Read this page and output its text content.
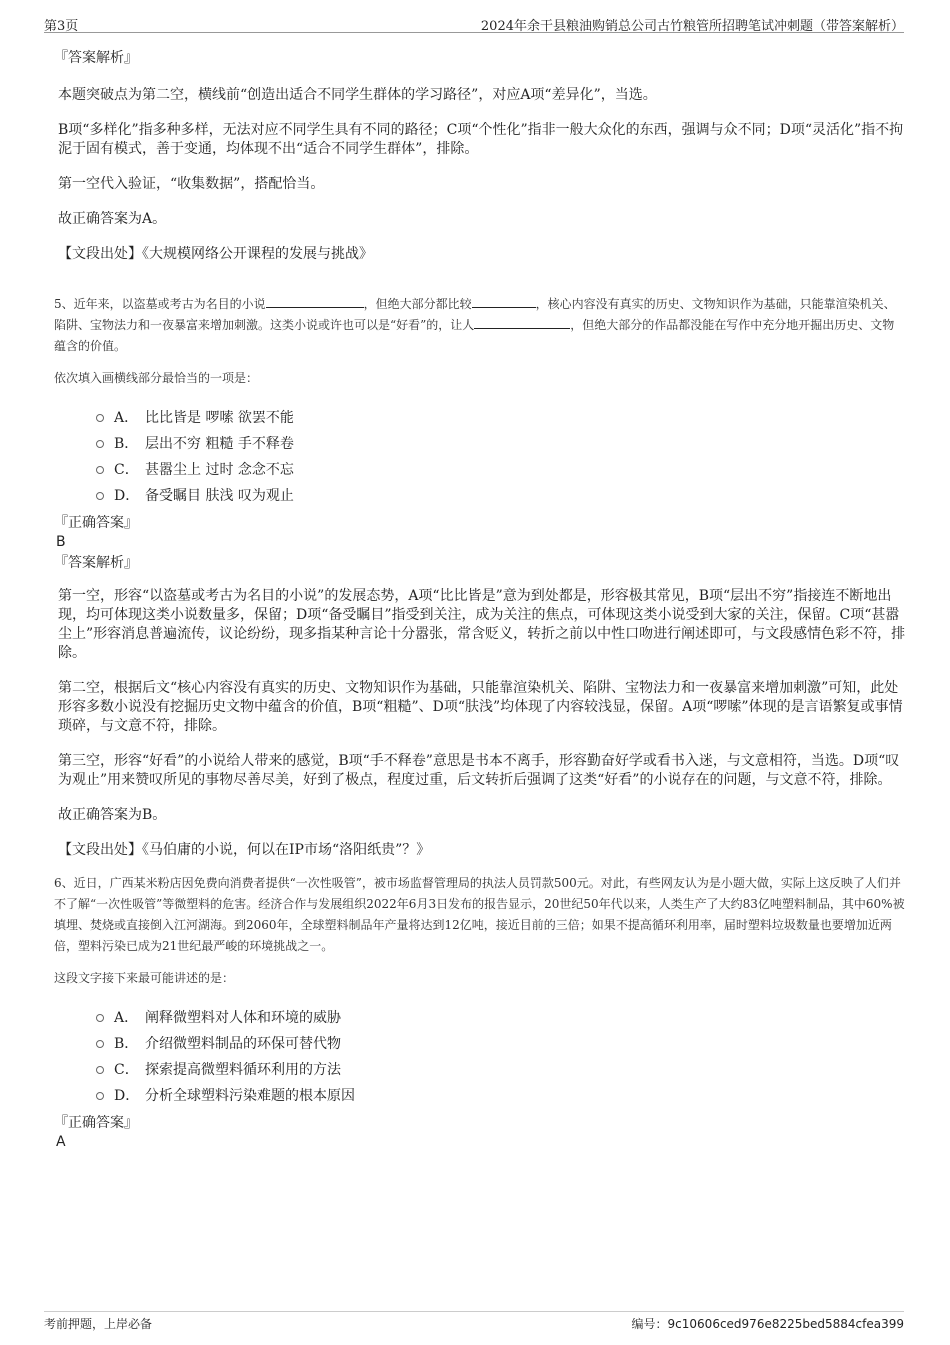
第3页	2024年余干县粮油购销总公司古竹粮管所招聘笔试冲刺题（带答案解析）

『答案解析』

本题突破点为第二空，横线前“创造出适合不同学生群体的学习路径”，对应A项“差异化”，当选。

B项“多样化”指多种多样，无法对应不同学生具有不同的路径；C项“个性化”指非一般大众化的东西，强调与众不同；D项“灵活化”指不拘泥于固有模式，善于变通，均体现不出“适合不同学生群体”，排除。

第一空代入验证，“收集数据”，搭配恰当。

故正确答案为A。

【文段出处】《大规模网络公开课程的发展与挑战》

5、近年来，以盗墓或考古为名目的小说	，但绝大部分都比较	，核心内容没有真实的历史、文物知识作为基础，只能靠渲染机关、陷阱、宝物法力和一夜暴富来增加刺激。这类小说或许也可以是“好看”的，让人	，但绝大部分的作品都没能在写作中充分地开掘出历史、文物蕴含的价值。

依次填入画横线部分最恰当的一项是：

A． 比比皆是 啰嗦 欲罢不能
B． 层出不穷 粗糙 手不释卷
C． 甚嚣尘上 过时 念念不忘
D． 备受瞩目 肤浅 叹为观止

『正确答案』

B

『答案解析』

第一空，形容“以盗墓或考古为名目的小说”的发展态势，A项“比比皆是”意为到处都是，形容极其常见，B项“层出不穷”指接连不断地出现，均可体现这类小说数量多，保留；D项“备受瞩目”指受到关注，成为关注的焦点，可体现这类小说受到大家的关注，保留。C项“甚嚣尘上”形容消息普遍流传，议论纷纷，现多指某种言论十分嚣张，常含贬义，转折之前以中性口吻进行阐述即可，与文段感情色彩不符，排除。

第二空，根据后文“核心内容没有真实的历史、文物知识作为基础，只能靠渲染机关、陷阱、宝物法力和一夜暴富来增加刺激”可知，此处形容多数小说没有挖掘历史文物中蕴含的价值，B项“粗糙”、D项“肤浅”均体现了内容较浅显，保留。A项“啰嗦”体现的是言语繁复或事情琐碎，与文意不符，排除。

第三空，形容“好看”的小说给人带来的感觉，B项“手不释卷”意思是书本不离手，形容勤奋好学或看书入迷，与文意相符，当选。D项“叹为观止”用来赞叹所见的事物尽善尽美，好到了极点，程度过重，后文转折后强调了这类“好看”的小说存在的问题，与文意不符，排除。

故正确答案为B。

【文段出处】《马伯庸的小说，何以在IP市场“洛阳纸贵”？》

6、近日，广西某米粉店因免费向消费者提供“一次性吸管”，被市场监督管理局的执法人员罚款500元。对此，有些网友认为是小题大做，实际上这反映了人们并不了解“一次性吸管”等微塑料的危害。经济合作与发展组织2022年6月3日发布的报告显示，20世纪50年代以来，人类生产了大约83亿吨塑料制品，其中60%被填埋、焚烧或直接倒入江河湖海。到2060年，全球塑料制品年产量将达到12亿吨，接近目前的三倍；如果不提高循环利用率，届时塑料垃圾数量也要增加近两倍，塑料污染已成为21世纪最严峻的环境挑战之一。

这段文字接下来最可能讲述的是：

A． 阐释微塑料对人体和环境的威胁
B． 介绍微塑料制品的环保可替代物
C． 探索提高微塑料循环利用的方法
D． 分析全球塑料污染难题的根本原因

『正确答案』

A

考前押题，上岸必备	编号：9c10606ced976e8225bed5884cfea399
